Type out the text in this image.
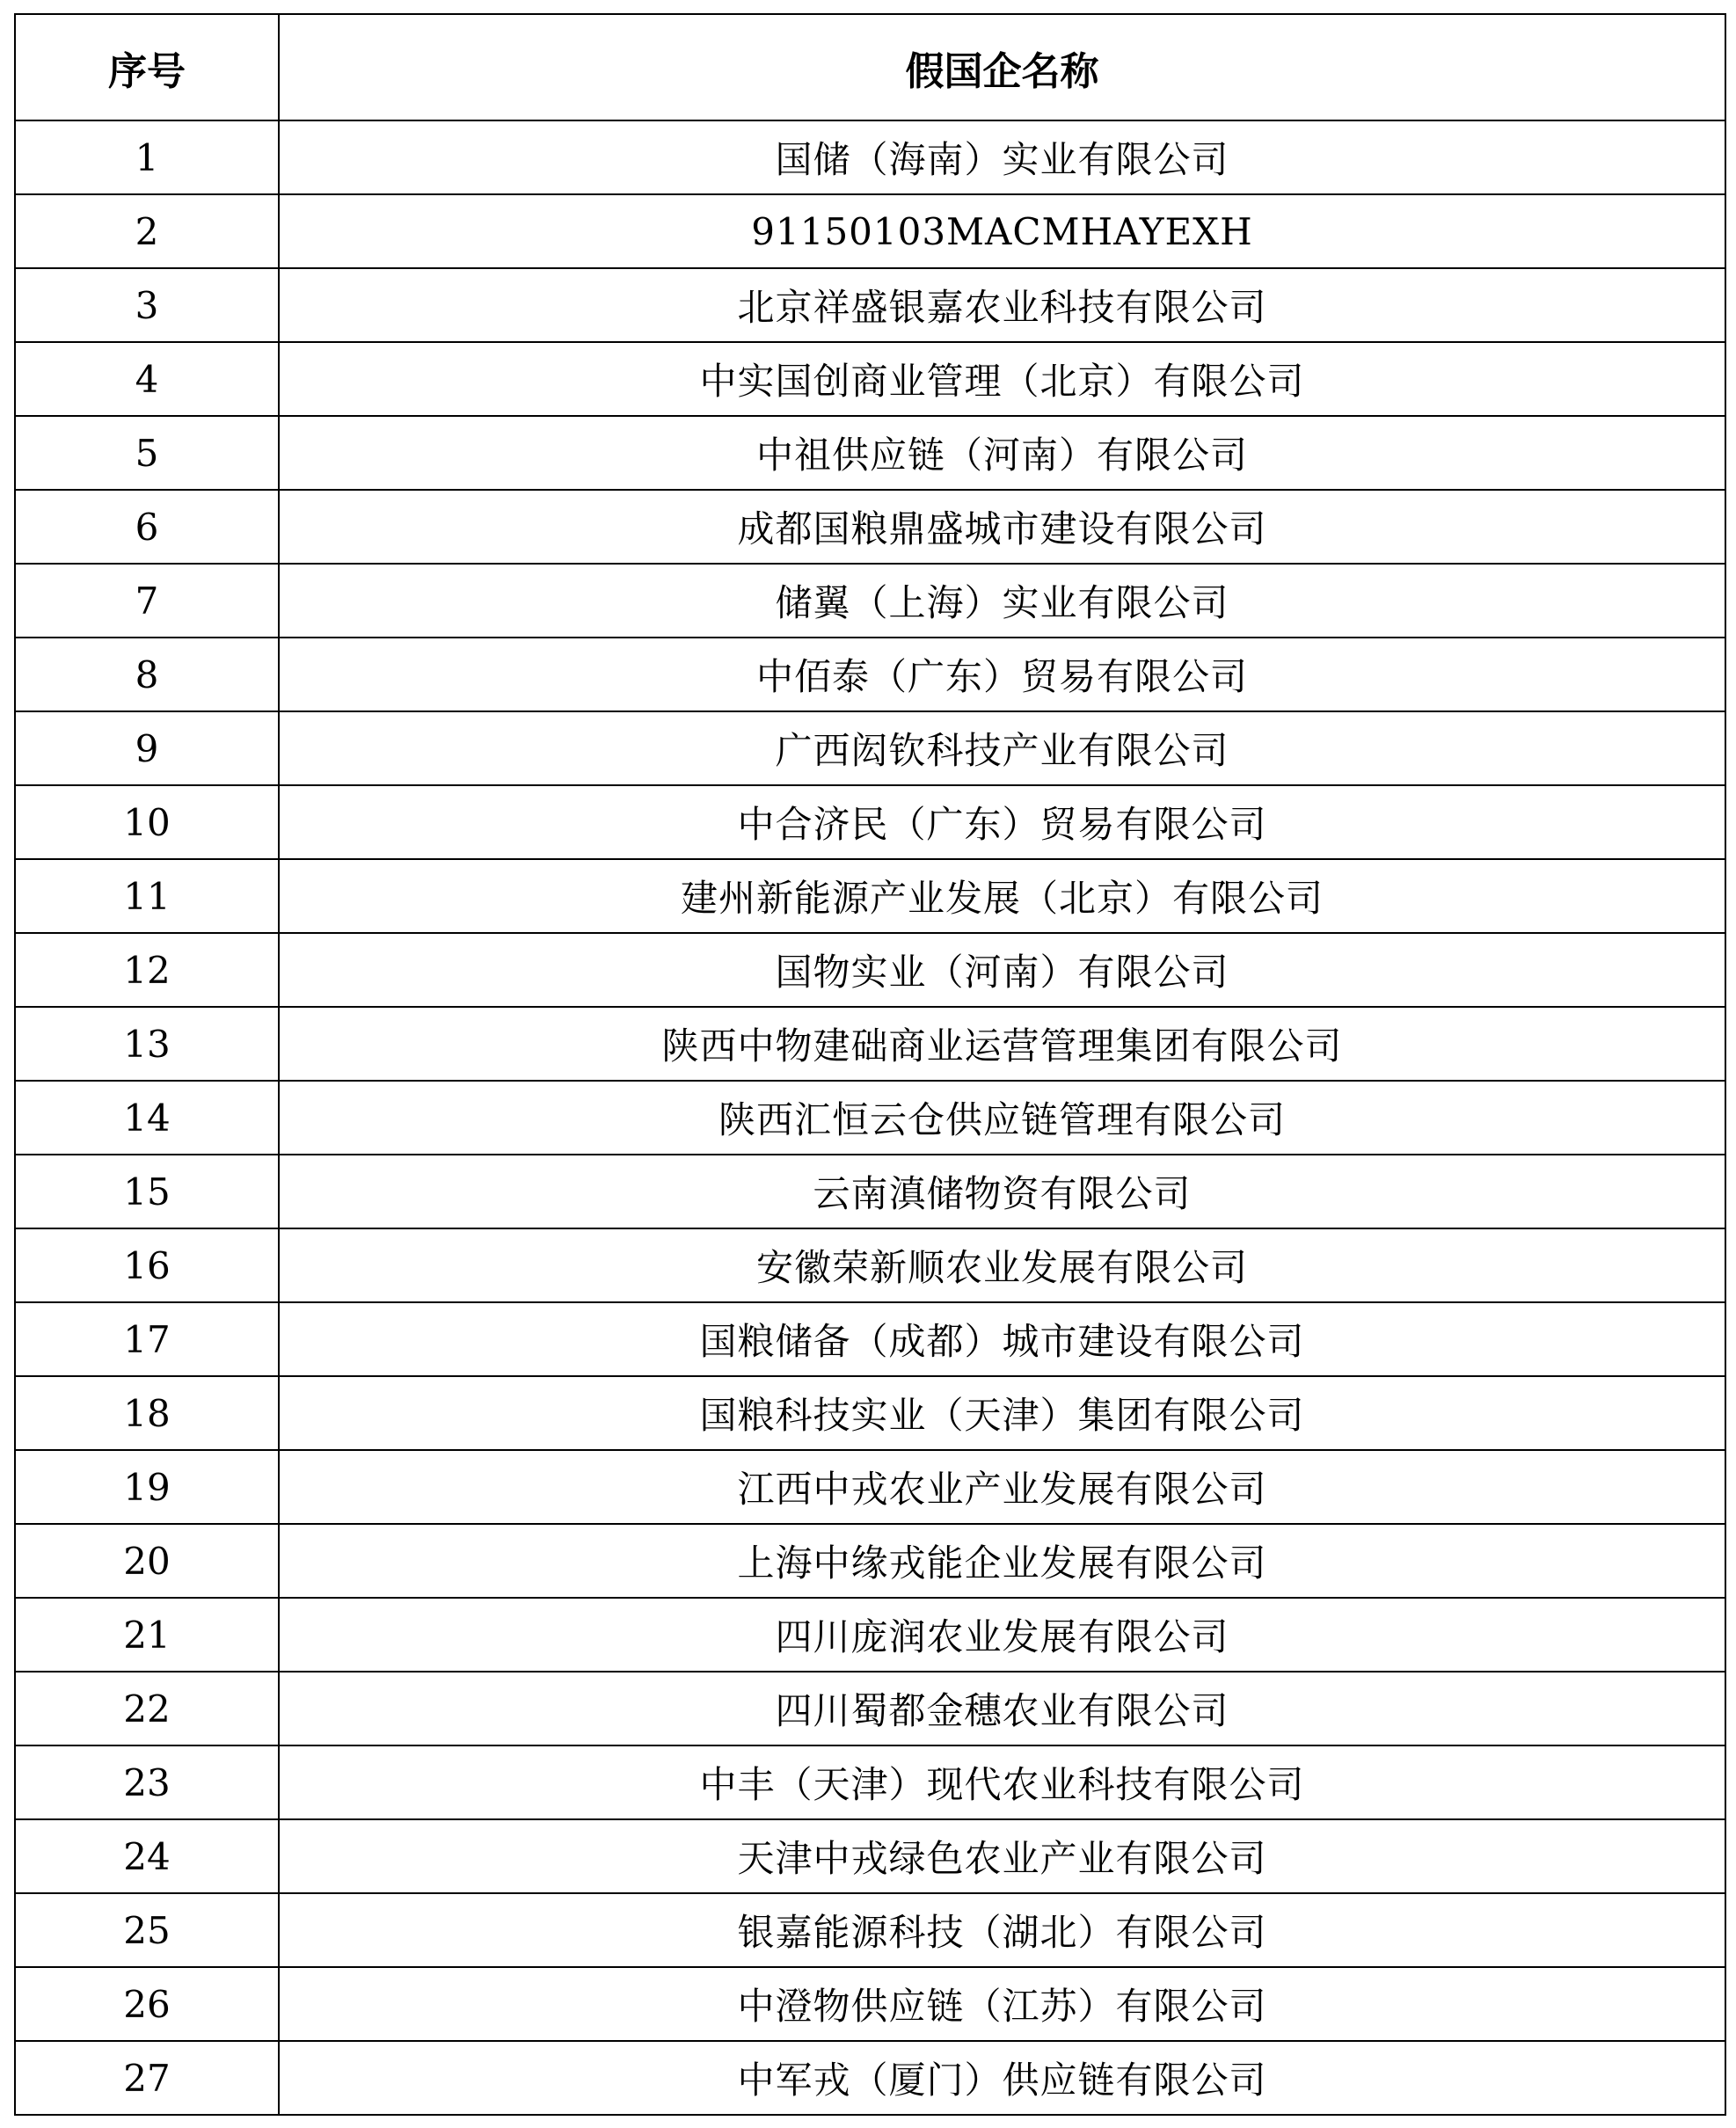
序号	假国企名称
1	国储（海南）实业有限公司
2	91150103MACMHAYEXH
3	北京祥盛银嘉农业科技有限公司
4	中实国创商业管理（北京）有限公司
5	中祖供应链（河南）有限公司
6	成都国粮鼎盛城市建设有限公司
7	储翼（上海）实业有限公司
8	中佰泰（广东）贸易有限公司
9	广西闳钦科技产业有限公司
10	中合济民（广东）贸易有限公司
11	建州新能源产业发展（北京）有限公司
12	国物实业（河南）有限公司
13	陕西中物建础商业运营管理集团有限公司
14	陕西汇恒云仓供应链管理有限公司
15	云南滇储物资有限公司
16	安徽荣新顺农业发展有限公司
17	国粮储备（成都）城市建设有限公司
18	国粮科技实业（天津）集团有限公司
19	江西中戎农业产业发展有限公司
20	上海中缘戎能企业发展有限公司
21	四川庞润农业发展有限公司
22	四川蜀都金穗农业有限公司
23	中丰（天津）现代农业科技有限公司
24	天津中戎绿色农业产业有限公司
25	银嘉能源科技（湖北）有限公司
26	中澄物供应链（江苏）有限公司
27	中军戎（厦门）供应链有限公司
